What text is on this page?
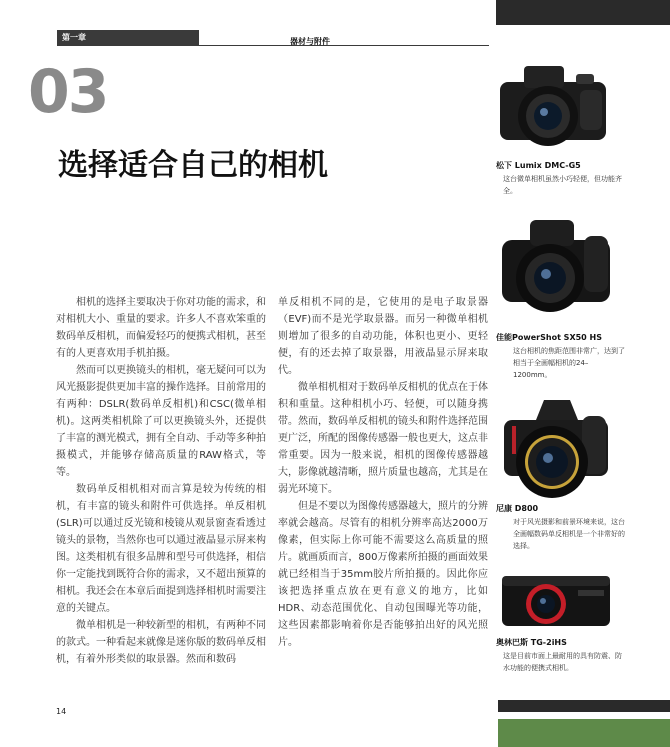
第一章	器材与附件
03
选择适合自己的相机

相机的选择主要取决于你对功能的需求，和对相机大小、重量的要求。许多人不喜欢笨重的数码单反相机，而偏爱轻巧的便携式相机，甚至有的人更喜欢用手机拍摄。

然而可以更换镜头的相机，毫无疑问可以为风光摄影提供更加丰富的操作选择。目前常用的有两种：DSLR(数码单反相机)和CSC(微单相机)。这两类相机除了可以更换镜头外，还提供了丰富的测光模式，拥有全自动、手动等多种拍摄模式，并能够存储高质量的RAW格式，等等。

数码单反相机相对而言算是较为传统的相机，有丰富的镜头和附件可供选择。单反相机(SLR)可以通过反光镜和棱镜从观景窗查看透过镜头的景物，当然你也可以通过液晶显示屏来构图。这类相机有很多品牌和型号可供选择，相信你一定能找到既符合你的需求，又不超出预算的相机。我还会在本章后面提到选择相机时需要注意的关键点。

微单相机是一种较新型的相机，有两种不同的款式。一种看起来就像是迷你版的数码单反相机，有着外形类似的取景器。然而和数码

单反相机不同的是，它使用的是电子取景器（EVF)而不是光学取景器。而另一种微单相机则增加了很多的自动功能，体积也更小、更轻便，有的还去掉了取景器，用液晶显示屏来取代。

微单相机相对于数码单反相机的优点在于体积和重量。这种相机小巧、轻便，可以随身携带。然而，数码单反相机的镜头和附件选择范围更广泛，所配的图像传感器一般也更大，这点非常重要。因为一般来说，相机的图像传感器越大，影像就越清晰，照片质量也越高，尤其是在弱光环境下。

但是不要以为图像传感器越大，照片的分辨率就会越高。尽管有的相机分辨率高达2000万像素，但实际上你可能不需要这么高质量的照片。就画质而言，800万像素所拍摄的画面效果就已经相当于35mm胶片所拍摄的。因此你应该把选择重点放在更有意义的地方，比如HDR、动态范围优化、自动包围曝光等功能，这些因素都影响着你是否能够拍出好的风光照片。

14
松下 Lumix DMC-G5
这台微单相机虽然小巧轻便，但功能齐全。
佳能PowerShot SX50 HS
这台相机的焦距范围非常广，达到了相当于全画幅相机的24–1200mm。
尼康 D800
对于风光摄影和前景环境来说，这台全画幅数码单反相机是一个非常好的选择。
奥林巴斯 TG-2iHS
这是目前市面上最耐用的具有防震、防水功能的便携式相机。
